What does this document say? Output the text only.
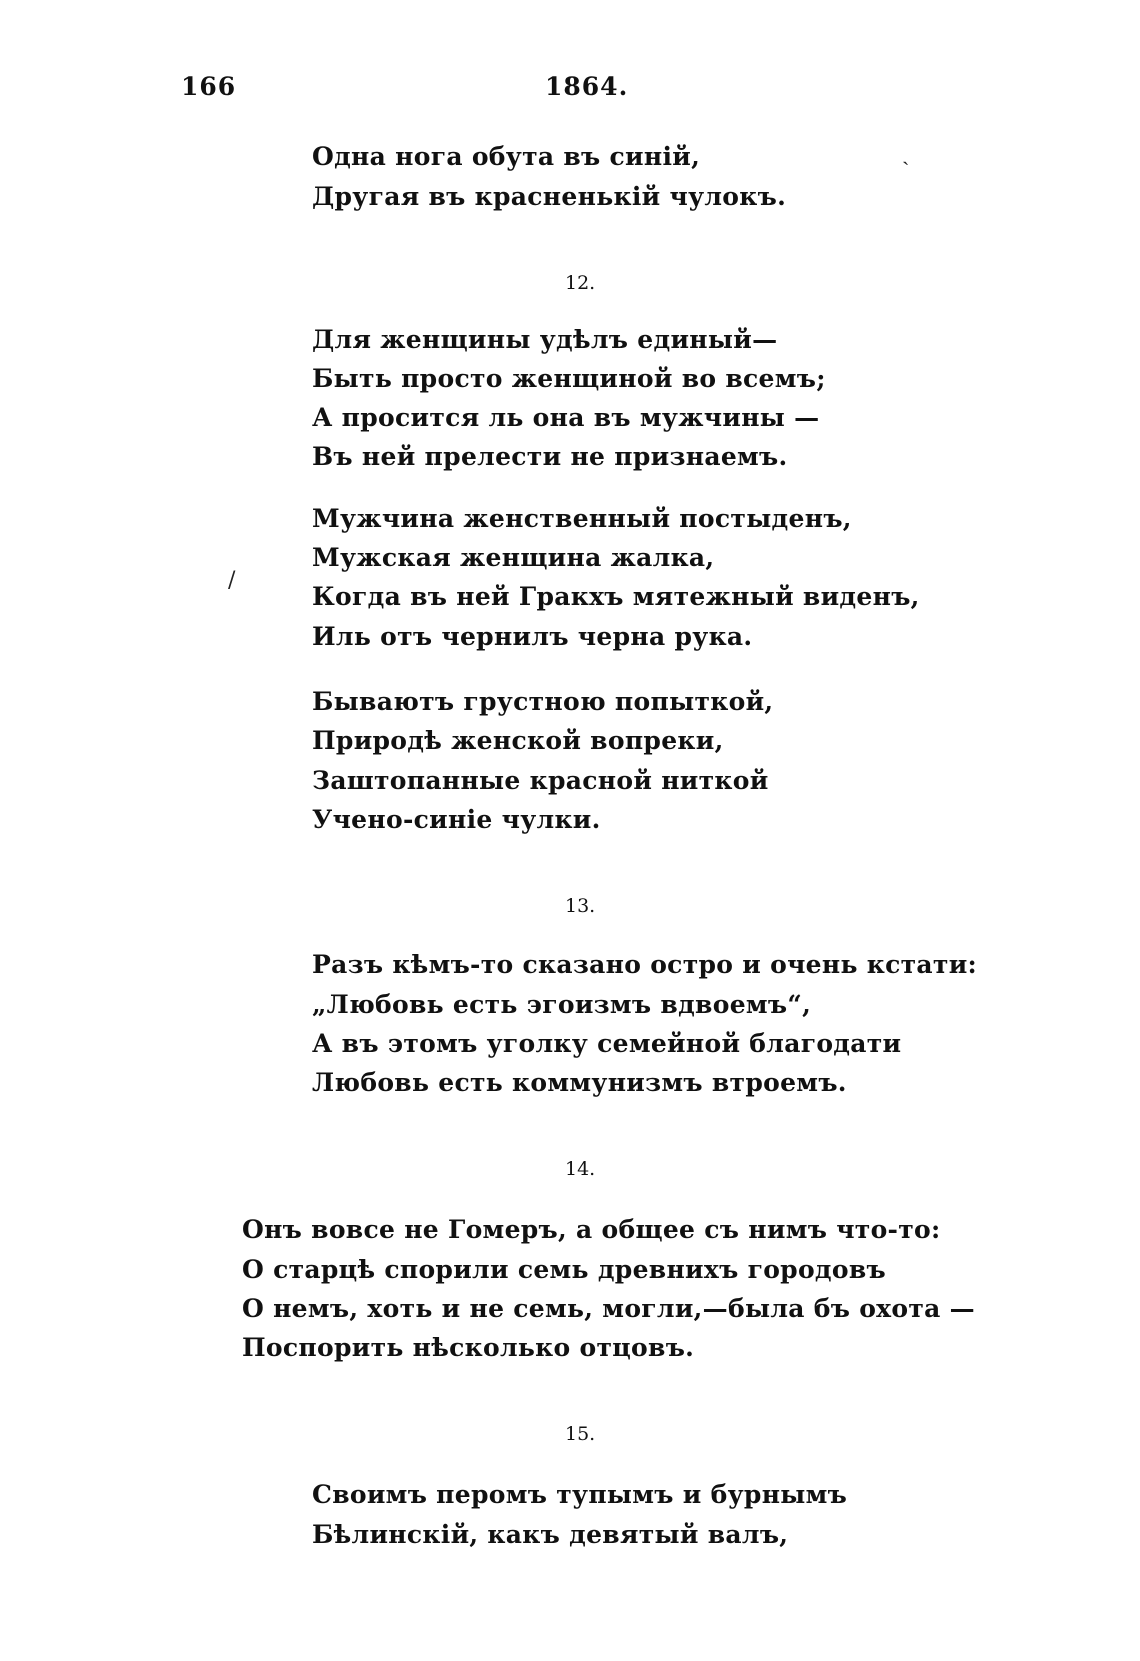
166	1864.
ˎ
/
Одна нога обута въ синій,
Другая въ красненькій чулокъ.
12.
Для женщины удѣлъ единый—
Быть просто женщиной во всемъ;
А просится ль она въ мужчины —
Въ ней прелести не признаемъ.
Мужчина женственный постыденъ,
Мужская женщина жалка,
Когда въ ней Гракхъ мятежный виденъ,
Иль отъ чернилъ черна рука.
Бываютъ грустною попыткой,
Природѣ женской вопреки,
Заштопанные красной ниткой
Учено-синіе чулки.
13.
Разъ кѣмъ-то сказано остро и очень кстати:
„Любовь есть эгоизмъ вдвоемъ“,
А въ этомъ уголку семейной благодати
Любовь есть коммунизмъ втроемъ.
14.
Онъ вовсе не Гомеръ, а общее съ нимъ что-то:
О старцѣ спорили семь древнихъ городовъ
О немъ, хоть и не семь, могли,—была бъ охота —
Поспорить нѣсколько отцовъ.
15.
Своимъ перомъ тупымъ и бурнымъ
Бѣлинскій, какъ девятый валъ,
